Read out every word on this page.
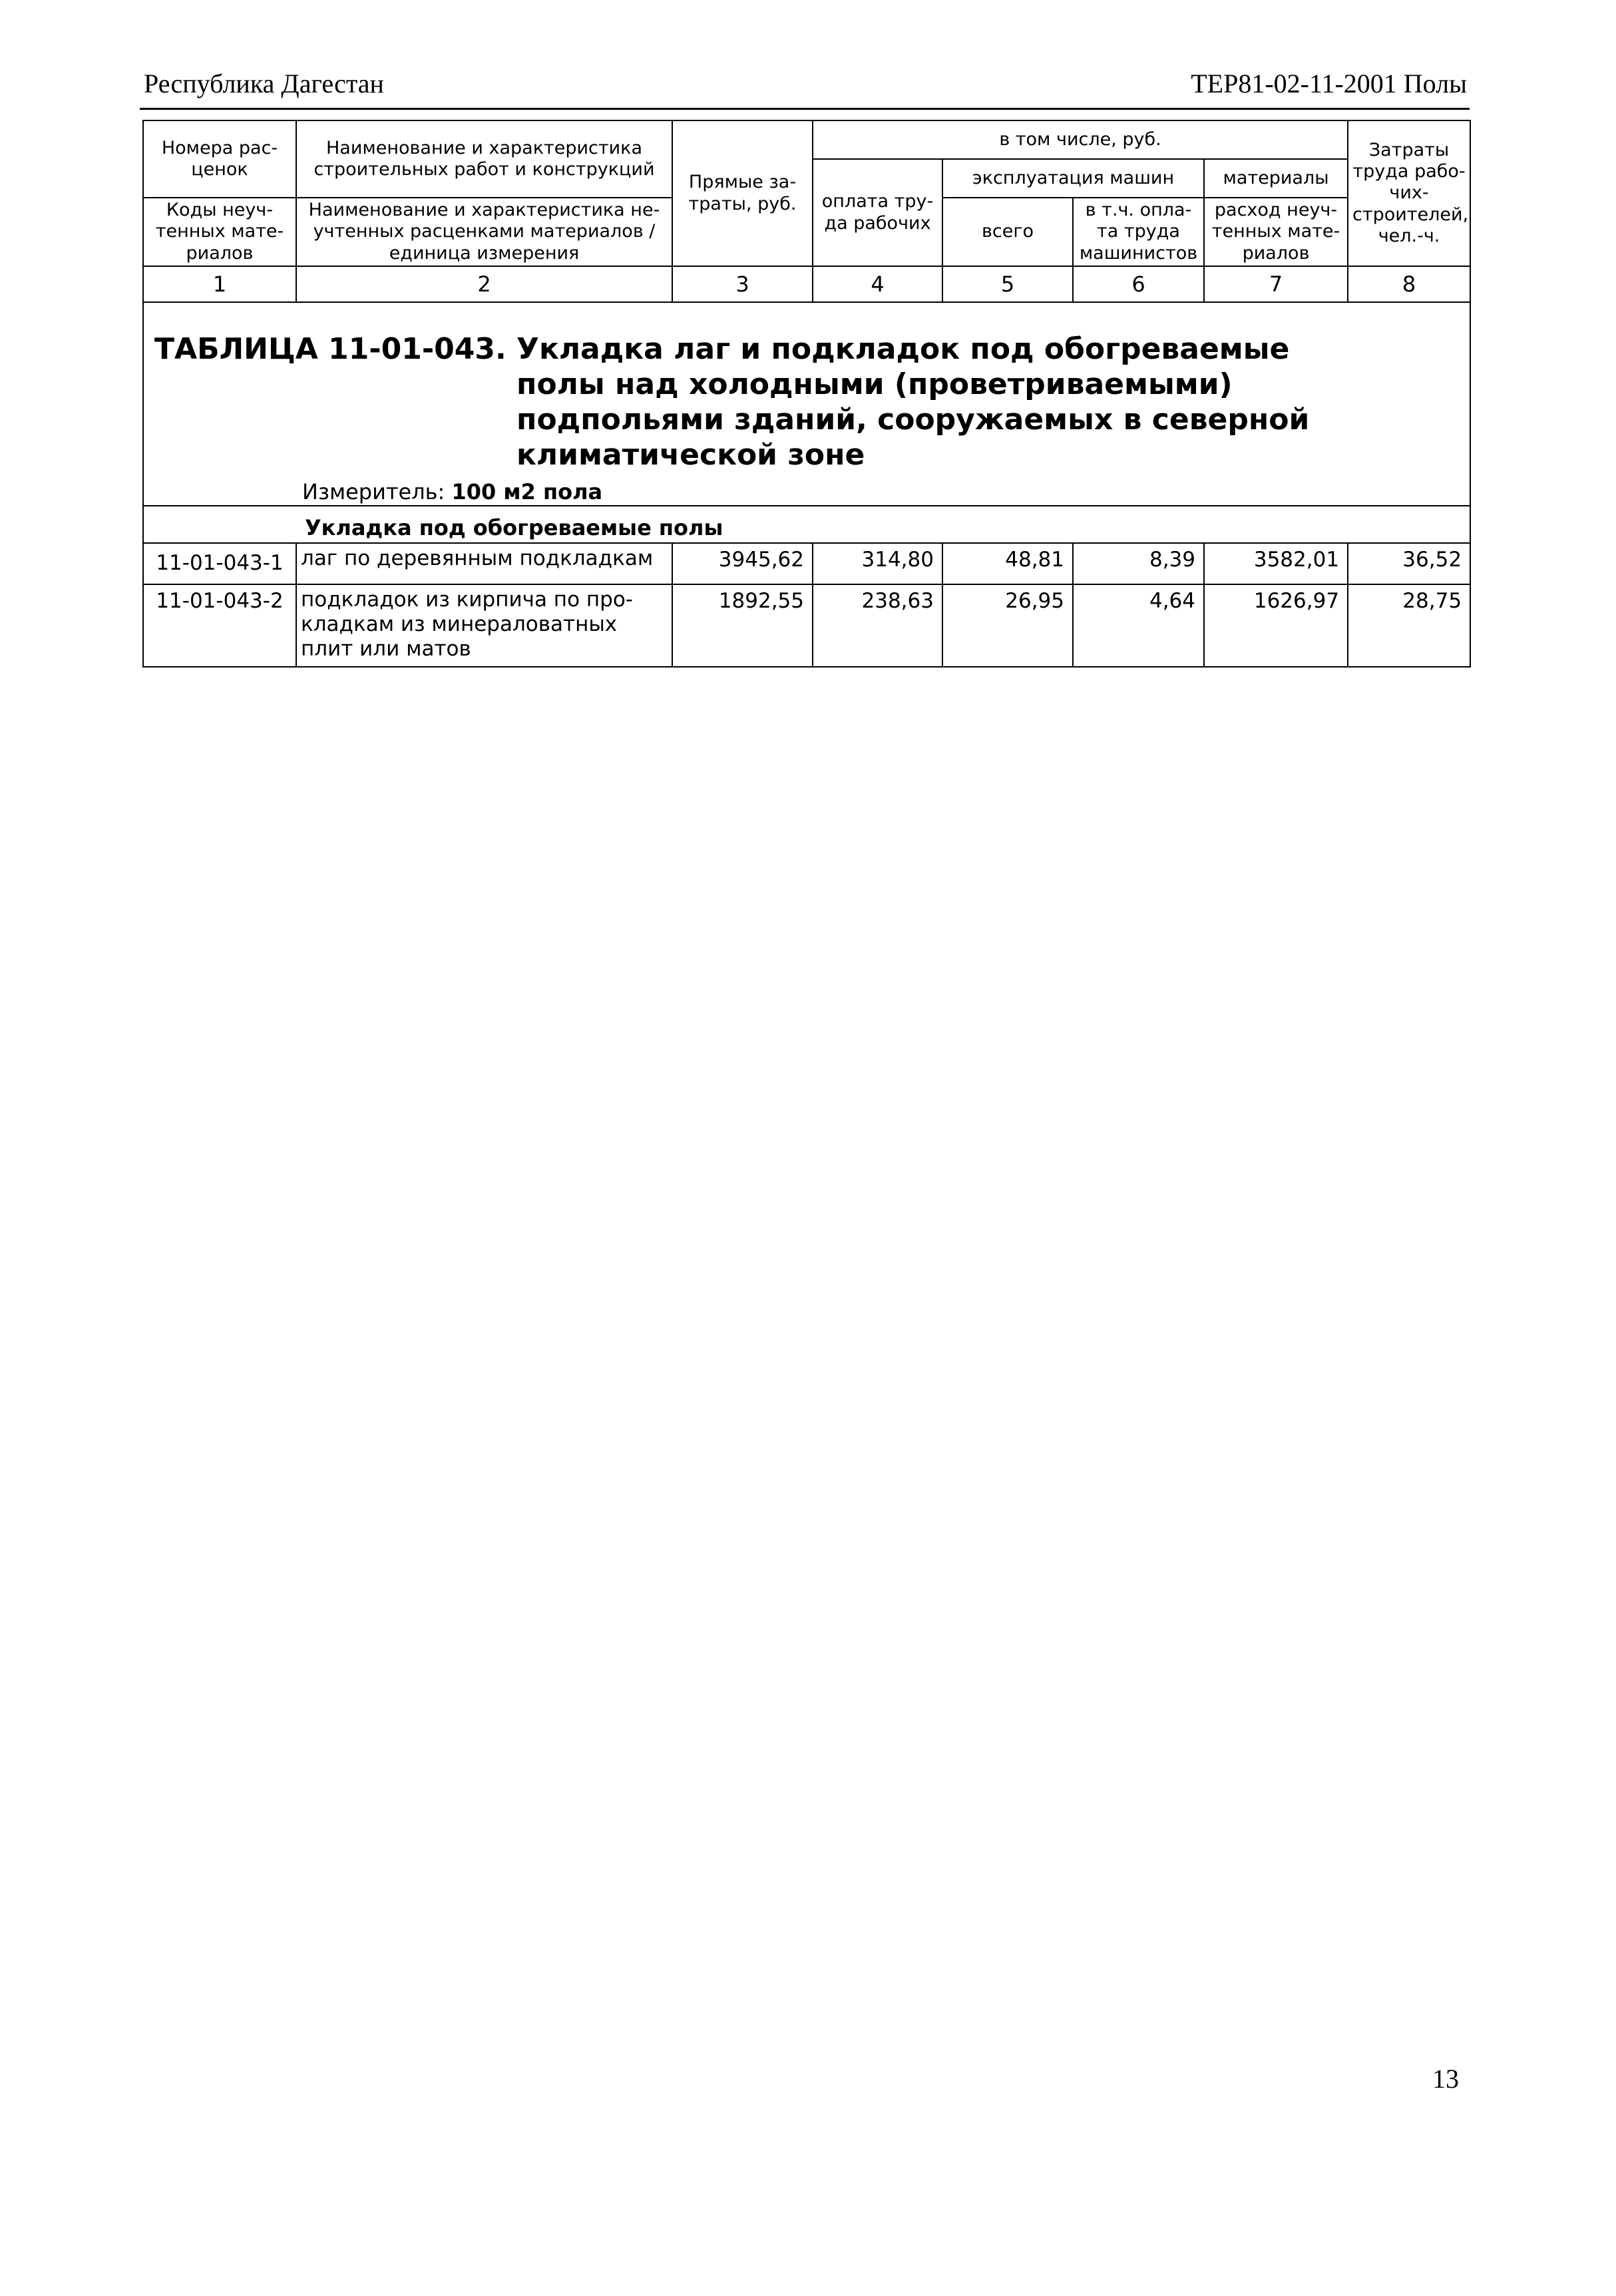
Республика Дагестан	ТЕР81-02-11-2001 Полы
Номера рас-ценок	Наименование и характеристика строительных работ и конструкций	Прямые за-траты, руб.	в том числе, руб.				Затраты труда рабо-чих-строителей, чел.-ч.
			оплата тру-да рабочих	эксплуатация машин		материалы	
Коды неуч-тенных мате-риалов	Наименование и характеристика не-учтенных расценками материалов / единица измерения			всего	в т.ч. опла-та труда машинистов	расход неуч-тенных мате-риалов	

1	2	3	4	5	6	7	8

ТАБЛИЦА 11-01-043.
Укладка лаг и подкладок под обогреваемые полы над холодными (проветриваемыми) подпольями зданий, сооружаемых в северной климатической зоне
Измеритель: 100 м2 пола							

Укладка под обогреваемые полы							
11-01-043-1	лаг по деревянным подкладкам	3945,62	314,80	48,81	8,39	3582,01	36,52
11-01-043-2	подкладок из кирпича по про-кладкам из минераловатных плит или матов	1892,55	238,63	26,95	4,64	1626,97	28,75
13
